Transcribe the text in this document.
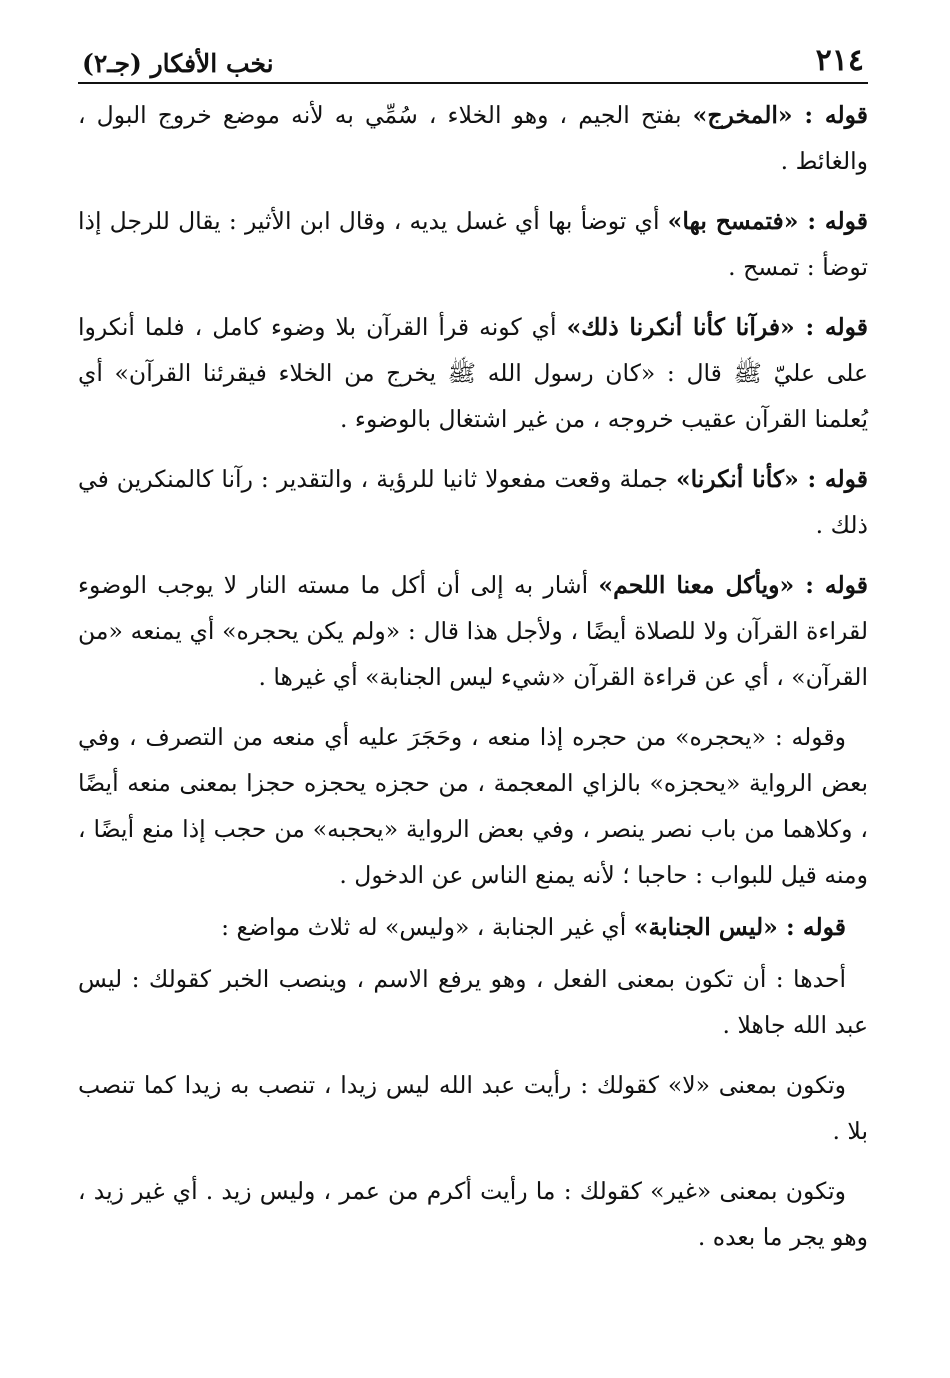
٢١٤
نخب الأفكار (جـ٢)

قوله : «المخرج» بفتح الجيم ، وهو الخلاء ، سُمِّي به لأنه موضع خروج البول ، والغائط .

قوله : «فتمسح بها» أي توضأ بها أي غسل يديه ، وقال ابن الأثير : يقال للرجل إذا توضأ : تمسح .

قوله : «فرآنا كأنا أنكرنا ذلك» أي كونه قرأ القرآن بلا وضوء كامل ، فلما أنكروا على عليّ ﷺ قال : «كان رسول الله ﷺ يخرج من الخلاء فيقرئنا القرآن» أي يُعلمنا القرآن عقيب خروجه ، من غير اشتغال بالوضوء .

قوله : «كأنا أنكرنا» جملة وقعت مفعولا ثانيا للرؤية ، والتقدير : رآنا كالمنكرين في ذلك .

قوله : «ويأكل معنا اللحم» أشار به إلى أن أكل ما مسته النار لا يوجب الوضوء لقراءة القرآن ولا للصلاة أيضًا ، ولأجل هذا قال : «ولم يكن يحجره» أي يمنعه «من القرآن» ، أي عن قراءة القرآن «شيء ليس الجنابة» أي غيرها .

وقوله : «يحجره» من حجره إذا منعه ، وحَجَرَ عليه أي منعه من التصرف ، وفي بعض الرواية «يحجزه» بالزاي المعجمة ، من حجزه يحجزه حجزا بمعنى منعه أيضًا ، وكلاهما من باب نصر ينصر ، وفي بعض الرواية «يحجبه» من حجب إذا منع أيضًا ، ومنه قيل للبواب : حاجبا ؛ لأنه يمنع الناس عن الدخول .

قوله : «ليس الجنابة» أي غير الجنابة ، «وليس» له ثلاث مواضع :

أحدها : أن تكون بمعنى الفعل ، وهو يرفع الاسم ، وينصب الخبر كقولك : ليس عبد الله جاهلا .

وتكون بمعنى «لا» كقولك : رأيت عبد الله ليس زيدا ، تنصب به زيدا كما تنصب بلا .

وتكون بمعنى «غير» كقولك : ما رأيت أكرم من عمر ، وليس زيد . أي غير زيد ، وهو يجر ما بعده .
